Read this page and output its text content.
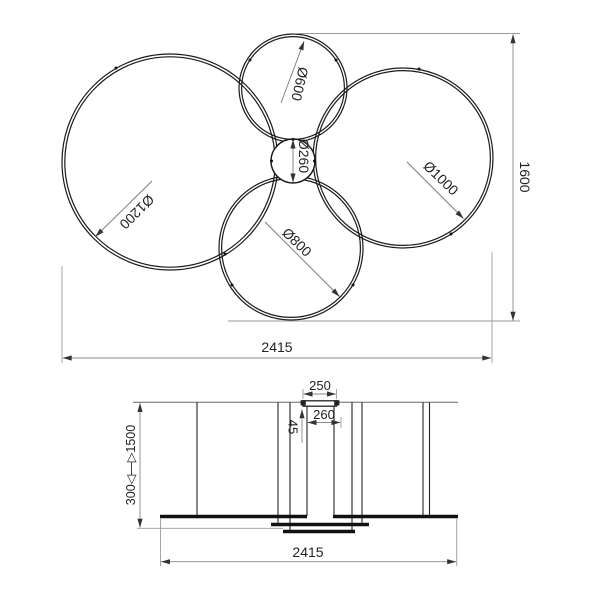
1600
2415
Ø600
Ø260
Ø1200
Ø1000
Ø800
250
260
45
300◁—▷1500
2415
